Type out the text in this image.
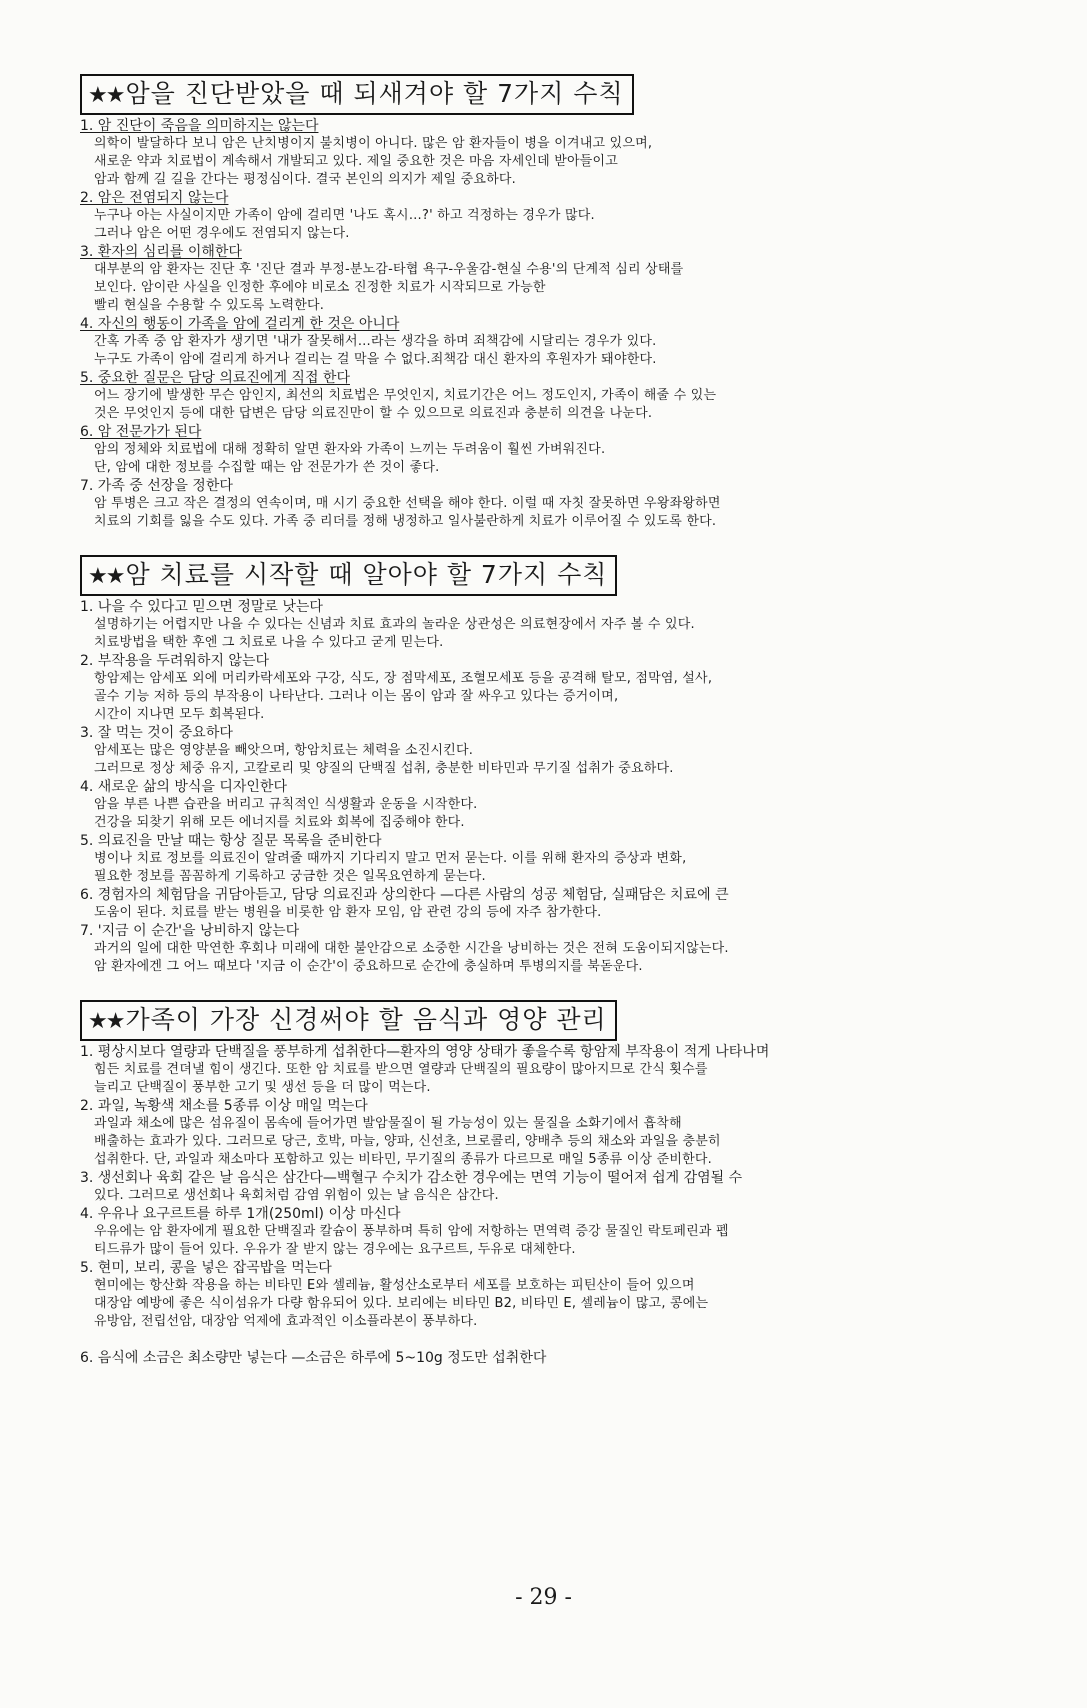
★★암을 진단받았을 때 되새겨야 할 7가지 수칙

1. 암 진단이 죽음을 의미하지는 않는다

의학이 발달하다 보니 암은 난치병이지 불치병이 아니다. 많은 암 환자들이 병을 이겨내고 있으며,

새로운 약과 치료법이 계속해서 개발되고 있다. 제일 중요한 것은 마음 자세인데 받아들이고

암과 함께 길 길을 간다는 평정심이다. 결국 본인의 의지가 제일 중요하다.

2. 암은 전염되지 않는다

누구나 아는 사실이지만 가족이 암에 걸리면 '나도 혹시…?' 하고 걱정하는 경우가 많다.

그러나 암은 어떤 경우에도 전염되지 않는다.

3. 환자의 심리를 이해한다

대부분의 암 환자는 진단 후 '진단 결과 부정-분노감-타협 욕구-우울감-현실 수용'의 단계적 심리 상태를

보인다. 암이란 사실을 인정한 후에야 비로소 진정한 치료가 시작되므로 가능한

빨리 현실을 수용할 수 있도록 노력한다.

4. 자신의 행동이 가족을 암에 걸리게 한 것은 아니다

간혹 가족 중 암 환자가 생기면 '내가 잘못해서…라는 생각을 하며 죄책감에 시달리는 경우가 있다.

누구도 가족이 암에 걸리게 하거나 걸리는 걸 막을 수 없다.죄책감 대신 환자의 후원자가 돼야한다.

5. 중요한 질문은 담당 의료진에게 직접 한다

어느 장기에 발생한 무슨 암인지, 최선의 치료법은 무엇인지, 치료기간은 어느 정도인지, 가족이 해줄 수 있는

것은 무엇인지 등에 대한 답변은 담당 의료진만이 할 수 있으므로 의료진과 충분히 의견을 나눈다.

6. 암 전문가가 된다

암의 정체와 치료법에 대해 정확히 알면 환자와 가족이 느끼는 두려움이 훨씬 가벼워진다.

단, 암에 대한 정보를 수집할 때는 암 전문가가 쓴 것이 좋다.

7. 가족 중 선장을 정한다

암 투병은 크고 작은 결정의 연속이며, 매 시기 중요한 선택을 해야 한다. 이럴 때 자칫 잘못하면 우왕좌왕하면

치료의 기회를 잃을 수도 있다. 가족 중 리더를 정해 냉정하고 일사불란하게 치료가 이루어질 수 있도록 한다.

★★암 치료를 시작할 때 알아야 할 7가지 수칙

1. 나을 수 있다고 믿으면 정말로 낫는다

설명하기는 어렵지만 나을 수 있다는 신념과 치료 효과의 놀라운 상관성은 의료현장에서 자주 볼 수 있다.

치료방법을 택한 후엔 그 치료로 나을 수 있다고 굳게 믿는다.

2. 부작용을 두려워하지 않는다

항암제는 암세포 외에 머리카락세포와 구강, 식도, 장 점막세포, 조혈모세포 등을 공격해 탈모, 점막염, 설사,

골수 기능 저하 등의 부작용이 나타난다. 그러나 이는 몸이 암과 잘 싸우고 있다는 증거이며,

시간이 지나면 모두 회복된다.

3. 잘 먹는 것이 중요하다

암세포는 많은 영양분을 빼앗으며, 항암치료는 체력을 소진시킨다.

그러므로 정상 체중 유지, 고칼로리 및 양질의 단백질 섭취, 충분한 비타민과 무기질 섭취가 중요하다.

4. 새로운 삶의 방식을 디자인한다

암을 부른 나쁜 습관을 버리고 규칙적인 식생활과 운동을 시작한다.

건강을 되찾기 위해 모든 에너지를 치료와 회복에 집중해야 한다.

5. 의료진을 만날 때는 항상 질문 목록을 준비한다

병이나 치료 정보를 의료진이 알려줄 때까지 기다리지 말고 먼저 묻는다. 이를 위해 환자의 증상과 변화,

필요한 정보를 꼼꼼하게 기록하고 궁금한 것은 일목요연하게 묻는다.

6. 경험자의 체험담을 귀담아듣고, 담당 의료진과 상의한다 —다른 사람의 성공 체험담, 실패담은 치료에 큰

도움이 된다. 치료를 받는 병원을 비롯한 암 환자 모임, 암 관련 강의 등에 자주 참가한다.

7. '지금 이 순간'을 낭비하지 않는다

과거의 일에 대한 막연한 후회나 미래에 대한 불안감으로 소중한 시간을 낭비하는 것은 전혀 도움이되지않는다.

암 환자에겐 그 어느 때보다 '지금 이 순간'이 중요하므로 순간에 충실하며 투병의지를 북돋운다.

★★가족이 가장 신경써야 할 음식과 영양 관리

1. 평상시보다 열량과 단백질을 풍부하게 섭취한다—환자의 영양 상태가 좋을수록 항암제 부작용이 적게 나타나며

힘든 치료를 견뎌낼 힘이 생긴다. 또한 암 치료를 받으면 열량과 단백질의 필요량이 많아지므로 간식 횟수를

늘리고 단백질이 풍부한 고기 및 생선 등을 더 많이 먹는다.

2. 과일, 녹황색 채소를 5종류 이상 매일 먹는다

과일과 채소에 많은 섬유질이 몸속에 들어가면 발암물질이 될 가능성이 있는 물질을 소화기에서 흡착해

배출하는 효과가 있다. 그러므로 당근, 호박, 마늘, 양파, 신선초, 브로콜리, 양배추 등의 채소와 과일을 충분히

섭취한다. 단, 과일과 채소마다 포함하고 있는 비타민, 무기질의 종류가 다르므로 매일 5종류 이상 준비한다.

3. 생선회나 육회 같은 날 음식은 삼간다—백혈구 수치가 감소한 경우에는 면역 기능이 떨어져 쉽게 감염될 수

있다. 그러므로 생선회나 육회처럼 감염 위험이 있는 날 음식은 삼간다.

4. 우유나 요구르트를 하루 1개(250ml) 이상 마신다

우유에는 암 환자에게 필요한 단백질과 칼슘이 풍부하며 특히 암에 저항하는 면역력 증강 물질인 락토페린과 펩

티드류가 많이 들어 있다. 우유가 잘 받지 않는 경우에는 요구르트, 두유로 대체한다.

5. 현미, 보리, 콩을 넣은 잡곡밥을 먹는다

현미에는 항산화 작용을 하는 비타민 E와 셀레늄, 활성산소로부터 세포를 보호하는 피틴산이 들어 있으며

대장암 예방에 좋은 식이섬유가 다량 함유되어 있다. 보리에는 비타민 B2, 비타민 E, 셀레늄이 많고, 콩에는

유방암, 전립선암, 대장암 억제에 효과적인 이소플라본이 풍부하다.

6. 음식에 소금은 최소량만 넣는다 —소금은 하루에 5~10g 정도만 섭취한다

- 29 -
